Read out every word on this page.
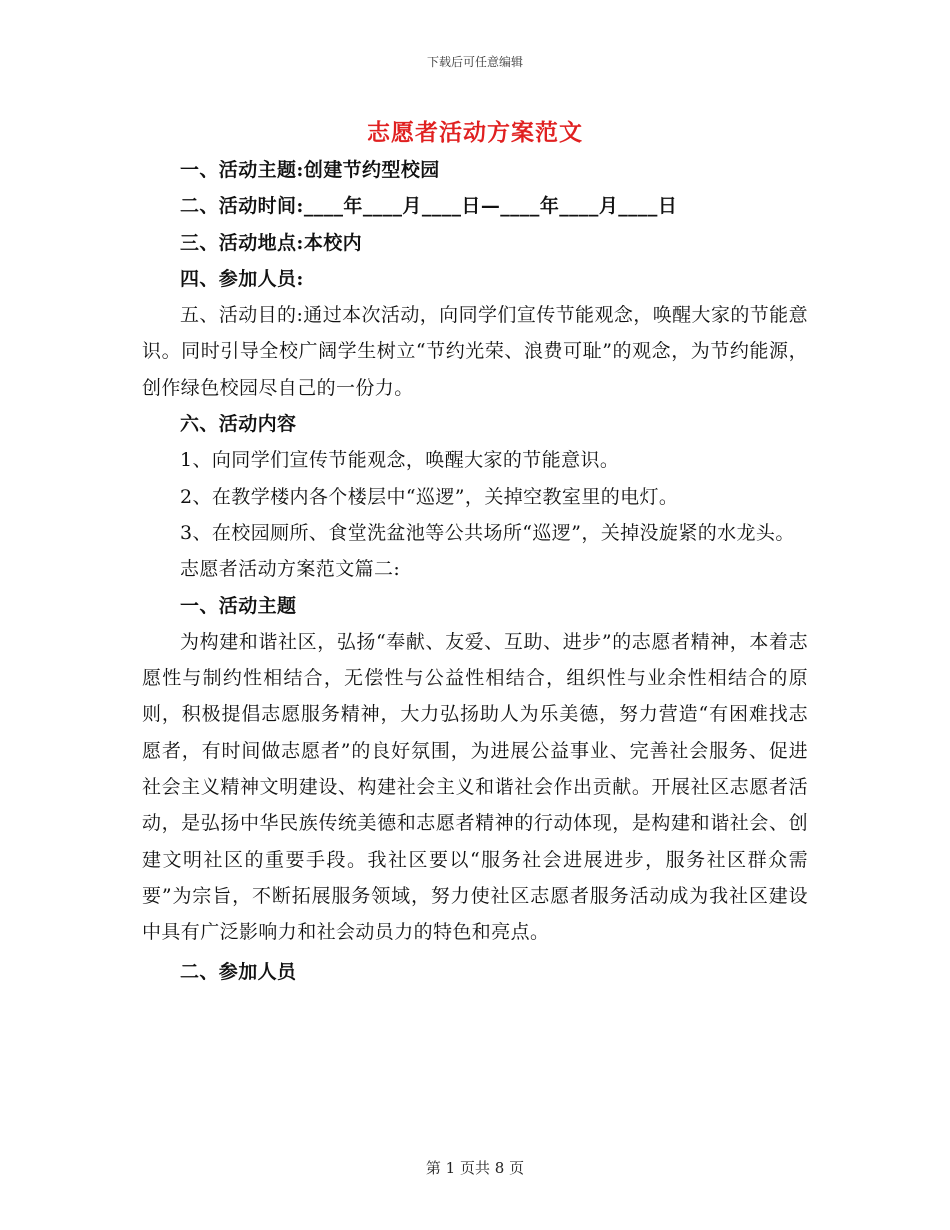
下载后可任意编辑
志愿者活动方案范文

一、活动主题:创建节约型校园

二、活动时间:____年____月____日—____年____月____日

三、活动地点:本校内

四、参加人员:

五、活动目的:通过本次活动，向同学们宣传节能观念，唤醒大家的节能意识。同时引导全校广阔学生树立“节约光荣、浪费可耻”的观念，为节约能源，创作绿色校园尽自己的一份力。

六、活动内容

1、向同学们宣传节能观念，唤醒大家的节能意识。

2、在教学楼内各个楼层中“巡逻”，关掉空教室里的电灯。

3、在校园厕所、食堂洗盆池等公共场所“巡逻”，关掉没旋紧的水龙头。

志愿者活动方案范文篇二:

一、活动主题

为构建和谐社区，弘扬“奉献、友爱、互助、进步”的志愿者精神，本着志愿性与制约性相结合，无偿性与公益性相结合，组织性与业余性相结合的原则，积极提倡志愿服务精神，大力弘扬助人为乐美德，努力营造“有困难找志愿者，有时间做志愿者”的良好氛围，为进展公益事业、完善社会服务、促进社会主义精神文明建设、构建社会主义和谐社会作出贡献。开展社区志愿者活动，是弘扬中华民族传统美德和志愿者精神的行动体现，是构建和谐社会、创建文明社区的重要手段。我社区要以“服务社会进展进步，服务社区群众需要”为宗旨，不断拓展服务领域，努力使社区志愿者服务活动成为我社区建设中具有广泛影响力和社会动员力的特色和亮点。

二、参加人员

第 1 页共 8 页
